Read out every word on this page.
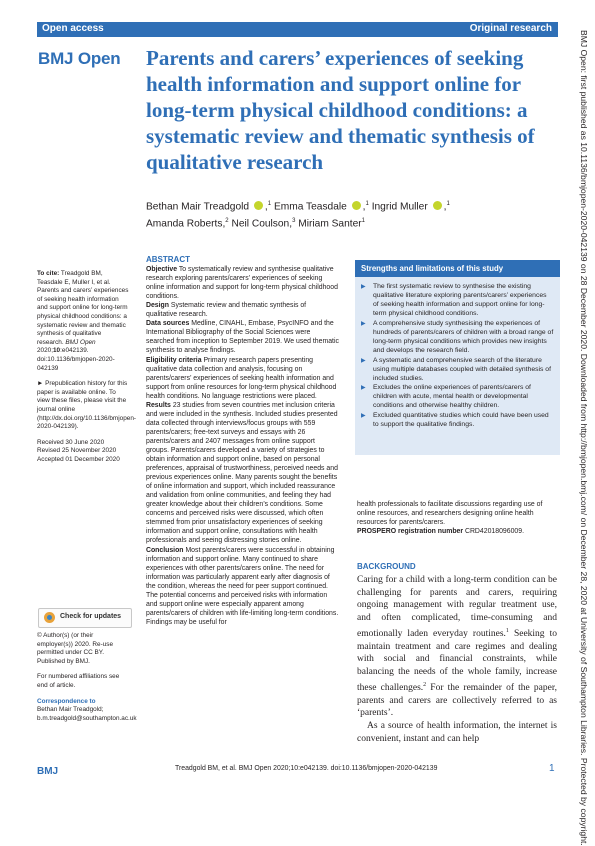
Open access	Original research
BMJ Open Parents and carers’ experiences of seeking health information and support online for long-term physical childhood conditions: a systematic review and thematic synthesis of qualitative research
Bethan Mair Treadgold ,$^1$ Emma Teasdale ,$^1$ Ingrid Muller ,$^1$
Amanda Roberts,$^2$ Neil Coulson,$^3$ Miriam Santer$^1$	BMJ Open: first published as 10.1136/bmjopen-2020-042139 on 28 December 2020. Downloaded from http://bmjopen.bmj.com/ on December 28, 2020 at University of Southampton Libraries. Protected by copyright.

To cite: Treadgold BM, Teasdale E, Muller I, et al. Parents and carers’ experiences of seeking health information and support online for long-term physical childhood conditions: a systematic review and thematic synthesis of qualitative research. BMJ Open 2020;10:e042139. doi:10.1136/bmjopen-2020-042139

► Prepublication history for this paper is available online. To view these files, please visit the journal online (http://dx.doi.org/10.1136/bmjopen-2020-042139).

Received 30 June 2020
Revised 25 November 2020
Accepted 01 December 2020

Check for updates

© Author(s) (or their employer(s)) 2020. Re-use permitted under CC BY. Published by BMJ.

For numbered affiliations see end of article.

Correspondence to

Bethan Mair Treadgold;
b.m.treadgold@southampton.ac.uk

ABSTRACT

Objective To systematically review and synthesise qualitative research exploring parents/carers’ experiences of seeking online information and support for long-term physical childhood conditions.

Design Systematic review and thematic synthesis of qualitative research.

Data sources Medline, CINAHL, Embase, PsycINFO and the International Bibliography of the Social Sciences were searched from inception to September 2019. We used thematic synthesis to analyse findings.

Eligibility criteria Primary research papers presenting qualitative data collection and analysis, focusing on parents/carers’ experiences of seeking health information and support from online resources for long-term physical childhood health conditions. No language restrictions were placed.

Results 23 studies from seven countries met inclusion criteria and were included in the synthesis. Included studies presented data collected through interviews/focus groups with 559 parents/carers; free-text surveys and essays with 26 parents/carers and 2407 messages from online support groups. Parents/carers developed a variety of strategies to obtain information and support online, based on personal preferences, appraisal of trustworthiness, perceived needs and previous experiences online. Many parents sought the benefits of online information and support, which included reassurance and validation from online communities, and feeling they had greater knowledge about their children’s conditions. Some concerns and perceived risks were discussed, which often stemmed from prior unsatisfactory experiences of seeking information and support online, consultations with health professionals and seeing distressing stories online.

Conclusion Most parents/carers were successful in obtaining information and support online. Many continued to share experiences with other parents/carers online. The need for information was particularly apparent early after diagnosis of the condition, whereas the need for peer support continued. The potential concerns and perceived risks with information and support online were especially apparent among parents/carers of children with life-limiting long-term conditions. Findings may be useful for

Strengths and limitations of this study
▶ The first systematic review to synthesise the existing qualitative literature exploring parents/carers’ experiences of seeking health information and support online for long-term physical childhood conditions.
▶ A comprehensive study synthesising the experiences of hundreds of parents/carers of children with a broad range of long-term physical conditions which provides new insights and develops the research field.
▶ A systematic and comprehensive search of the literature using multiple databases coupled with detailed synthesis of included studies.
▶ Excludes the online experiences of parents/carers of children with acute, mental health or developmental conditions and otherwise healthy children.
▶ Excluded quantitative studies which could have been used to support the qualitative findings.

health professionals to facilitate discussions regarding use of online resources, and researchers designing online health resources for parents/carers.

PROSPERO registration number CRD42018096009.

BACKGROUND

Caring for a child with a long-term condition can be challenging for parents and carers, requiring ongoing management with regular treatment use, and often complicated, time-consuming and emotionally laden everyday routines.$^1$ Seeking to maintain treatment and care regimes and dealing with social and financial constraints, while balancing the needs of the whole family, increase these challenges.$^2$ For the remainder of the paper, parents and carers are collectively referred to as ‘parents’.

As a source of health information, the internet is convenient, instant and can help

BMJ	Treadgold BM, et al. BMJ Open 2020;10:e042139. doi:10.1136/bmjopen-2020-042139	1
